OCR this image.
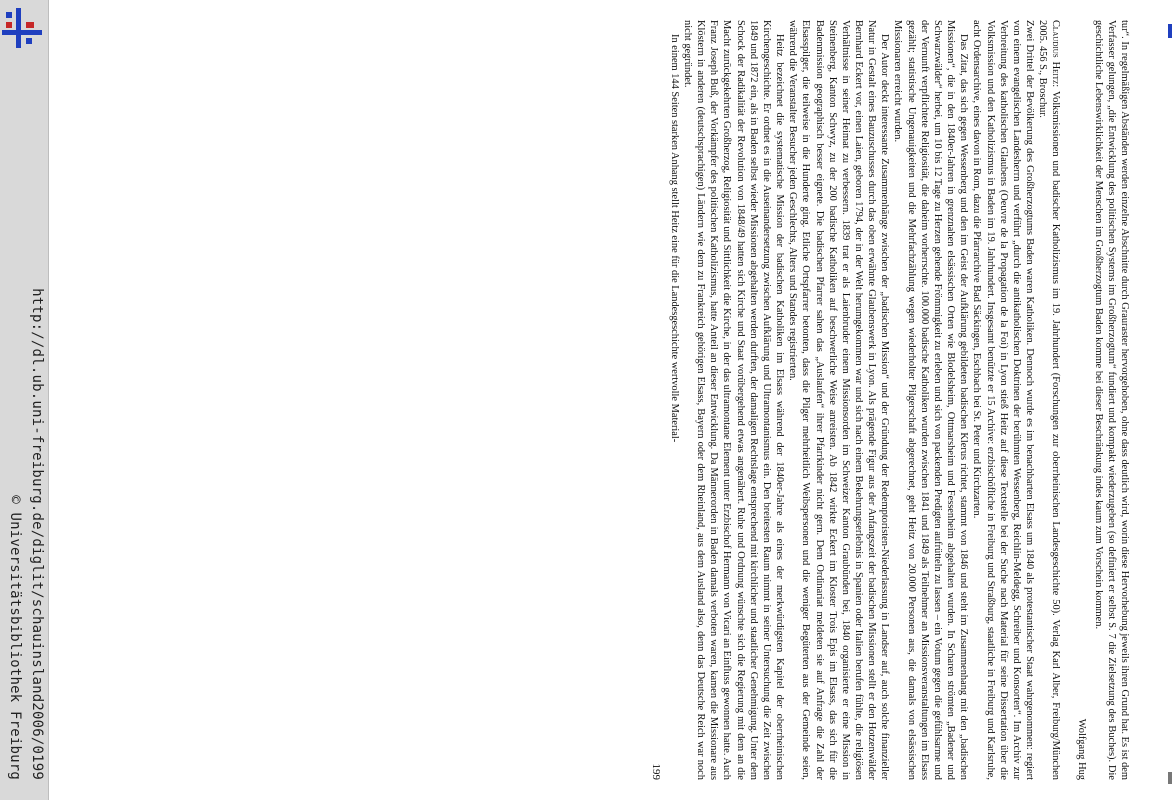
http://dl.ub.uni-freiburg.de/diglit/schauinsland2006/0199
© Universitätsbibliothek Freiburg	tur“. In regelmäßigen Abständen werden einzelne Abschnitte durch Grauraster hervorgehoben, ohne dass deutlich wird, worin diese Hervorhebung jeweils ihren Grund hat. Es ist dem Verfasser gelungen, „die Entwicklung des politischen Systems im Großherzogtum“ fundiert und kompakt wiederzugeben (so definiert er selbst S. 7 die Zielsetzung des Buches). Die geschichtliche Lebenswirklichkeit der Menschen im Großherzogtum Baden komme bei dieser Beschränkung indes kaum zum Vorschein kommen.

Wolfgang Hug

Claudius Heitz: Volksmissionen und badischer Katholizismus im 19. Jahrhundert (Forschungen zur oberrheinischen Landesgeschichte 50). Verlag Karl Alber, Freiburg/München 2005. 456 S., Broschur.

Zwei Drittel der Bevölkerung des Großherzogtums Baden waren Katholiken. Dennoch wurde es im benachbarten Elsass um 1840 als protestantischer Staat wahrgenommen: regiert von einem evangelischen Landesherrn und verführt „durch die antikatholischen Doktrinen der berühmten Wessenberg, Reichlin-Meldegg, Schreiber und Konsorten“. Im Archiv zur Verbreitung des katholischen Glaubens (Oeuvre de la Propagation de la Foi) in Lyon stieß Heitz auf diese Textstelle bei der Suche nach Material für seine Dissertation über die Volksmission und den Katholizismus in Baden im 19. Jahrhundert. Insgesamt benützte er 15 Archive: erzbischöfliche in Freiburg und Straßburg, staatliche in Freiburg und Karlsruhe, acht Ordensarchive, eines davon in Rom, dazu die Pfarrarchive Bad Säckingen, Eschbach bei St. Peter und Kirchzarten.

Das Zitat, das sich gegen Wessenberg und den im Geist der Aufklärung gebildeten badischen Klerus richtet, stammt von 1846 und steht im Zusammenhang mit den „badischen Missionen“, die in den 1840er-Jahren in grenznahen elsässischen Orten wie Blodelsheim, Ottmarsheim und Fessenheim abgehalten wurden. In Scharen strömten „Badener und Schwarzwälder“ herbei, um 10 bis 12 Tage zu Herzen gehende Frömmigkeit zu erleben und sich von packenden Predigten aufrütteln zu lassen – ein Votum gegen die gefühlsarme und der Vernunft verpflichtete Religiosität, die daheim vorherrschte. 100.000 badische Katholiken wurden zwischen 1841 und 1849 als Teilnehmer an Missionsveranstaltungen im Elsass gezählt; statistische Ungenauigkeiten und die Mehrfachzählung wegen wiederholter Pilgerschaft abgerechnet, geht Heitz von 20.000 Personen aus, die damals von elsässischen Missionaren erreicht wurden.

Der Autor deckt interessante Zusammenhänge zwischen der „badischen Mission“ und der Gründung der Redemptoristen-Niederlassung in Landser auf, auch solche finanzieller Natur in Gestalt eines Bauzuschusses durch das oben erwähnte Glaubenswerk in Lyon. Als prägende Figur aus der Anfangszeit der badischen Missionen stellt er den Hotzenwälder Bernhard Eckert vor, einen Laien, geboren 1794, der in der Welt herumgekommen war und sich nach einem Bekehrungserlebnis in Spanien oder Italien berufen fühlte, die religiösen Verhältnisse in seiner Heimat zu verbessern. 1839 trat er als Laienbruder einem Missionsorden im Schweizer Kanton Graubünden bei, 1840 organisierte er eine Mission in Steinenberg, Kanton Schwyz, zu der 200 badische Katholiken auf beschwerliche Weise anreisten. Ab 1842 wirkte Eckert im Kloster Trois Epis im Elsass, das sich für die Badenmission geographisch besser eignete. Die badischen Pfarrer sahen das „Auslaufen“ ihrer Pfarrkinder nicht gern. Dem Ordinariat meldeten sie auf Anfrage die Zahl der Elsasspilger, die teilweise in die Hunderte ging. Etliche Ortspfarrer betonten, dass die Pilger mehrheitlich Weibspersonen und die weniger Begüterten aus der Gemeinde seien, während die Veranstalter Besucher jeden Geschlechts, Alters und Standes registrierten.

Heitz bezeichnet die systematische Mission der badischen Katholiken im Elsass während der 1840er-Jahre als eines der merkwürdigsten Kapitel der oberrheinischen Kirchengeschichte. Er ordnet es in die Auseinandersetzung zwischen Aufklärung und Ultramontanismus ein. Den breitesten Raum nimmt in seiner Untersuchung die Zeit zwischen 1849 und 1872 ein, als in Baden selbst wieder Missionen abgehalten werden durften, der damaligen Rechtslage entsprechend mit kirchlicher und staatlicher Genehmigung. Unter dem Schock der Radikalität der Revolution von 1848/49 hatten sich Kirche und Staat vorübergehend etwas angenähert. Ruhe und Ordnung wünschte sich die Regierung mit dem an die Macht zurückgekehrten Großherzog, Religiosität und Sittlichkeit die Kirche, in der das ultramontane Element unter Erzbischof Hermann von Vicari an Einfluss gewonnen hatte. Auch Franz Joseph Buß, der Vorkämpfer des politischen Katholizismus, hatte Anteil an dieser Entwicklung. Da Männerorden in Baden damals verboten waren, kamen die Missionare aus Klöstern in anderen (deutschsprachigen) Ländern wie dem zu Frankreich gehörigen Elsass, Bayern oder dem Rheinland, aus dem Ausland also, denn das Deutsche Reich war noch nicht gegründet.

In einem 144 Seiten starken Anhang stellt Heitz eine für die Landesgeschichte wertvolle Material-

199
